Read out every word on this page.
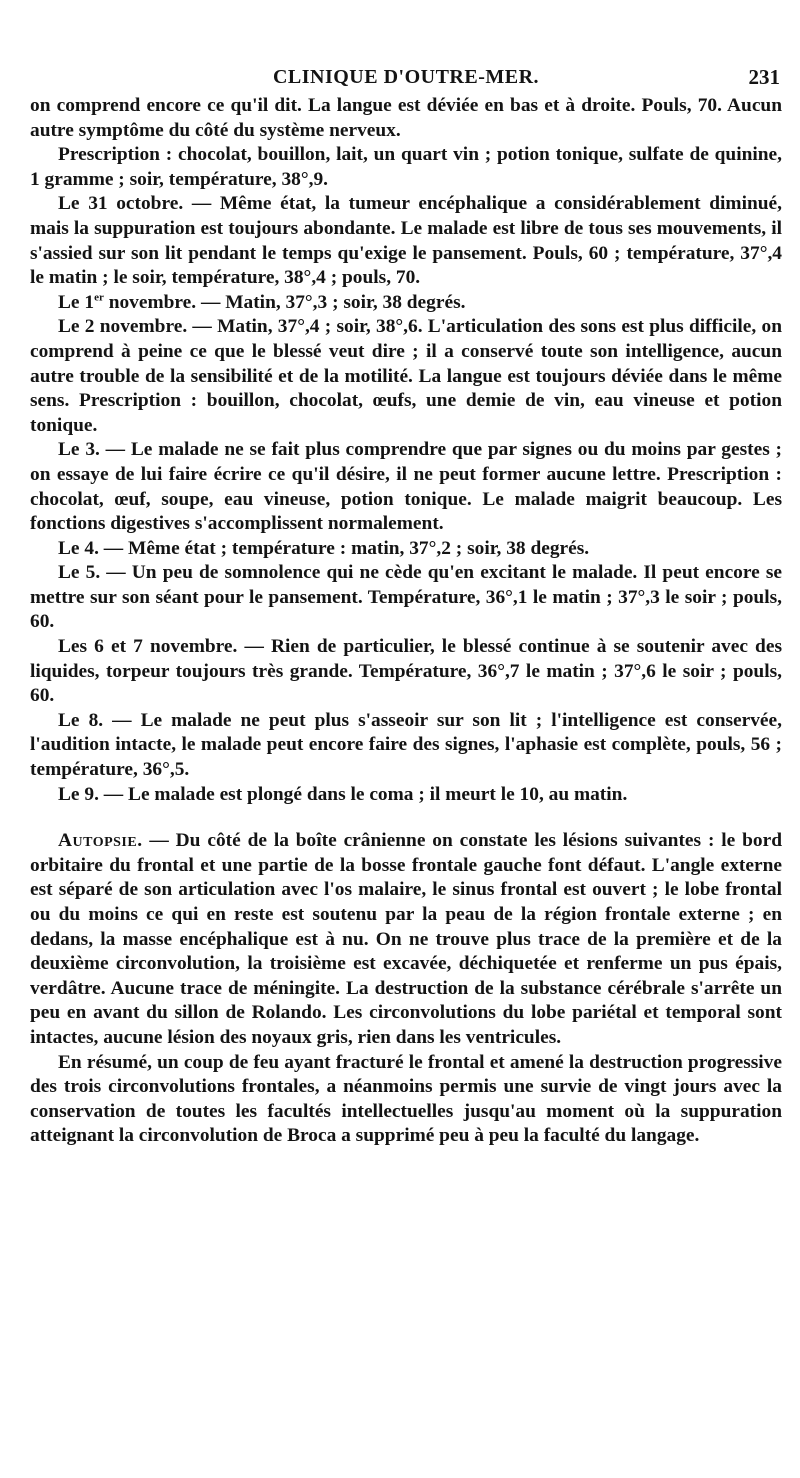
CLINIQUE D'OUTRE-MER.	231

on comprend encore ce qu'il dit. La langue est déviée en bas et à droite. Pouls, 70. Aucun autre symptôme du côté du système nerveux.

Prescription : chocolat, bouillon, lait, un quart vin ; potion tonique, sulfate de quinine, 1 gramme ; soir, température, 38°,9.

Le 31 octobre. — Même état, la tumeur encéphalique a considérablement diminué, mais la suppuration est toujours abondante. Le malade est libre de tous ses mouvements, il s'assied sur son lit pendant le temps qu'exige le pansement. Pouls, 60 ; température, 37°,4 le matin ; le soir, température, 38°,4 ; pouls, 70.

Le 1er novembre. — Matin, 37°,3 ; soir, 38 degrés.

Le 2 novembre. — Matin, 37°,4 ; soir, 38°,6. L'articulation des sons est plus difficile, on comprend à peine ce que le blessé veut dire ; il a conservé toute son intelligence, aucun autre trouble de la sensibilité et de la motilité. La langue est toujours déviée dans le même sens. Prescription : bouillon, chocolat, œufs, une demie de vin, eau vineuse et potion tonique.

Le 3. — Le malade ne se fait plus comprendre que par signes ou du moins par gestes ; on essaye de lui faire écrire ce qu'il désire, il ne peut former aucune lettre. Prescription : chocolat, œuf, soupe, eau vineuse, potion tonique. Le malade maigrit beaucoup. Les fonctions digestives s'accomplissent normalement.

Le 4. — Même état ; température : matin, 37°,2 ; soir, 38 degrés.

Le 5. — Un peu de somnolence qui ne cède qu'en excitant le malade. Il peut encore se mettre sur son séant pour le pansement. Température, 36°,1 le matin ; 37°,3 le soir ; pouls, 60.

Les 6 et 7 novembre. — Rien de particulier, le blessé continue à se soutenir avec des liquides, torpeur toujours très grande. Température, 36°,7 le matin ; 37°,6 le soir ; pouls, 60.

Le 8. — Le malade ne peut plus s'asseoir sur son lit ; l'intelligence est conservée, l'audition intacte, le malade peut encore faire des signes, l'aphasie est complète, pouls, 56 ; température, 36°,5.

Le 9. — Le malade est plongé dans le coma ; il meurt le 10, au matin.

Autopsie. — Du côté de la boîte crânienne on constate les lésions suivantes : le bord orbitaire du frontal et une partie de la bosse frontale gauche font défaut. L'angle externe est séparé de son articulation avec l'os malaire, le sinus frontal est ouvert ; le lobe frontal ou du moins ce qui en reste est soutenu par la peau de la région frontale externe ; en dedans, la masse encéphalique est à nu. On ne trouve plus trace de la première et de la deuxième circonvolution, la troisième est excavée, déchiquetée et renferme un pus épais, verdâtre. Aucune trace de méningite. La destruction de la substance cérébrale s'arrête un peu en avant du sillon de Rolando. Les circonvolutions du lobe pariétal et temporal sont intactes, aucune lésion des noyaux gris, rien dans les ventricules.

En résumé, un coup de feu ayant fracturé le frontal et amené la destruction progressive des trois circonvolutions frontales, a néanmoins permis une survie de vingt jours avec la conservation de toutes les facultés intellectuelles jusqu'au moment où la suppuration atteignant la circonvolution de Broca a supprimé peu à peu la faculté du langage.
